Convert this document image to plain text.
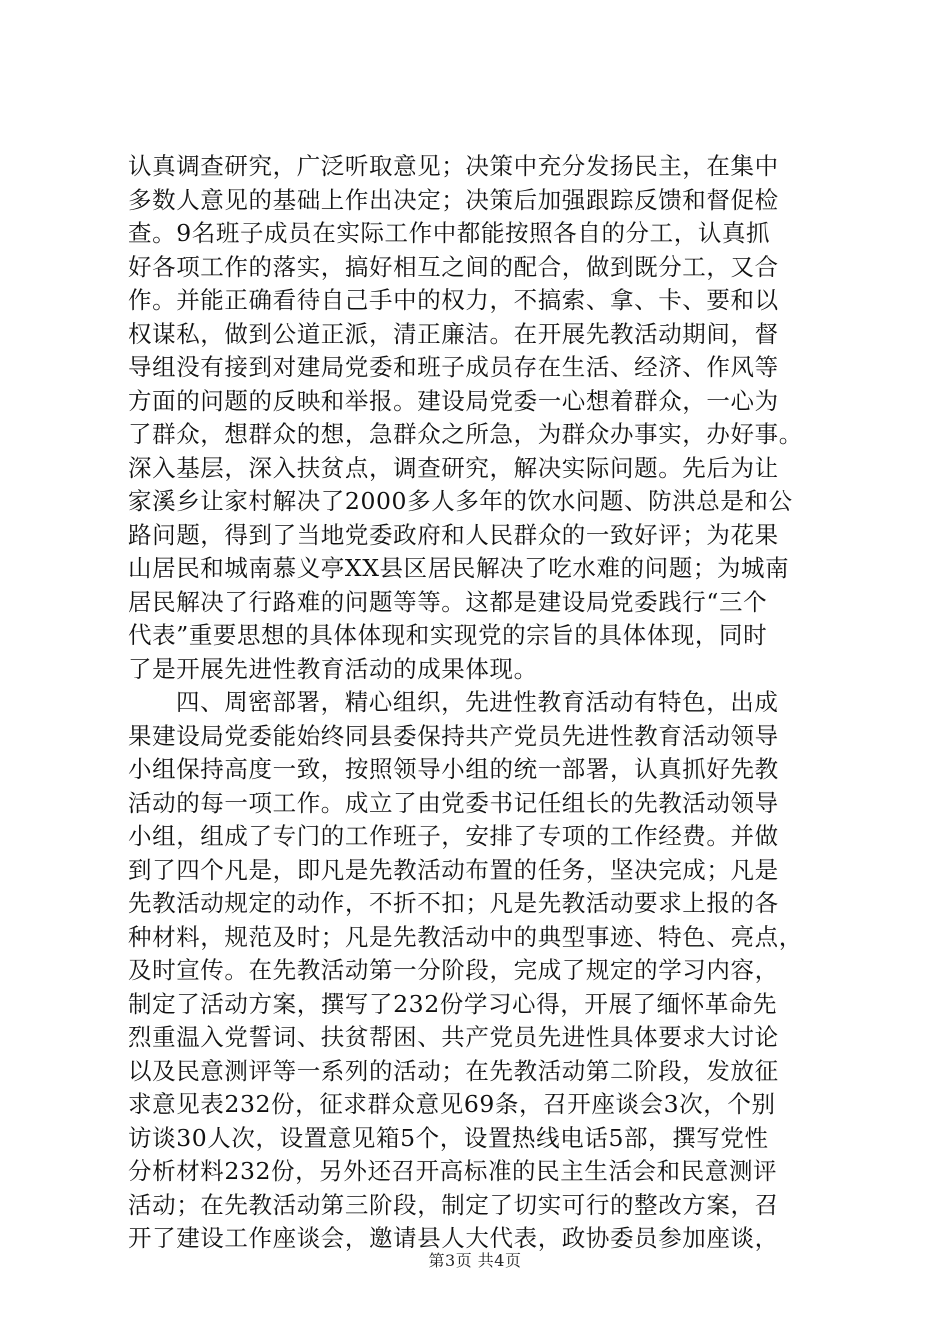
认真调查研究，广泛听取意见；决策中充分发扬民主，在集中
多数人意见的基础上作出决定；决策后加强跟踪反馈和督促检
查。9名班子成员在实际工作中都能按照各自的分工，认真抓
好各项工作的落实，搞好相互之间的配合，做到既分工，又合
作。并能正确看待自己手中的权力，不搞索、拿、卡、要和以
权谋私，做到公道正派，清正廉洁。在开展先教活动期间，督
导组没有接到对建局党委和班子成员存在生活、经济、作风等
方面的问题的反映和举报。建设局党委一心想着群众，一心为
了群众，想群众的想，急群众之所急，为群众办事实，办好事。
深入基层，深入扶贫点，调查研究，解决实际问题。先后为让
家溪乡让家村解决了2000多人多年的饮水问题、防洪总是和公
路问题，得到了当地党委政府和人民群众的一致好评；为花果
山居民和城南慕义亭XX县区居民解决了吃水难的问题；为城南
居民解决了行路难的问题等等。这都是建设局党委践行“三个
代表”重要思想的具体体现和实现党的宗旨的具体体现，同时
了是开展先进性教育活动的成果体现。
四、周密部署，精心组织，先进性教育活动有特色，出成
果建设局党委能始终同县委保持共产党员先进性教育活动领导
小组保持高度一致，按照领导小组的统一部署，认真抓好先教
活动的每一项工作。成立了由党委书记任组长的先教活动领导
小组，组成了专门的工作班子，安排了专项的工作经费。并做
到了四个凡是，即凡是先教活动布置的任务，坚决完成；凡是
先教活动规定的动作，不折不扣；凡是先教活动要求上报的各
种材料，规范及时；凡是先教活动中的典型事迹、特色、亮点，
及时宣传。在先教活动第一分阶段，完成了规定的学习内容，
制定了活动方案，撰写了232份学习心得，开展了缅怀革命先
烈重温入党誓词、扶贫帮困、共产党员先进性具体要求大讨论
以及民意测评等一系列的活动；在先教活动第二阶段，发放征
求意见表232份，征求群众意见69条，召开座谈会3次，个别
访谈30人次，设置意见箱5个，设置热线电话5部，撰写党性
分析材料232份，另外还召开高标准的民主生活会和民意测评
活动；在先教活动第三阶段，制定了切实可行的整改方案，召
开了建设工作座谈会，邀请县人大代表，政协委员参加座谈，
第3页 共4页
